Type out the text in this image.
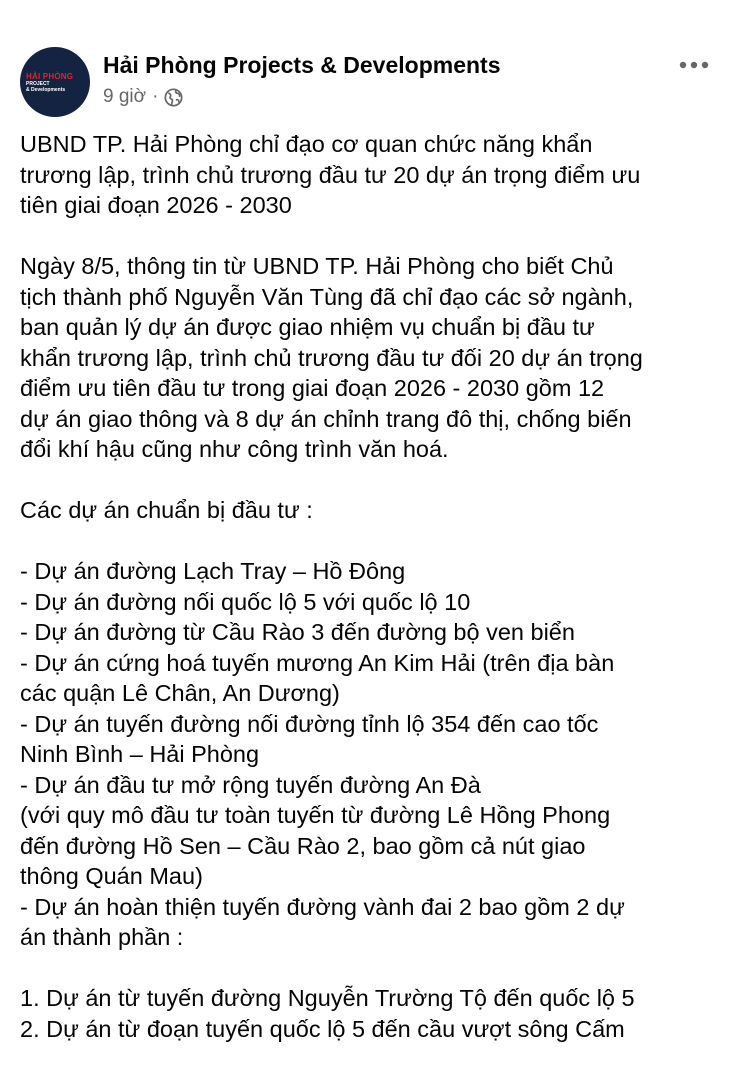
HẢI PHÒNG
PROJECT
& Developments
Hải Phòng Projects & Developments
9 giờ ·
UBND TP. Hải Phòng chỉ đạo cơ quan chức năng khẩn
trương lập, trình chủ trương đầu tư 20 dự án trọng điểm ưu
tiên giai đoạn 2026 - 2030
Ngày 8/5, thông tin từ UBND TP. Hải Phòng cho biết Chủ
tịch thành phố Nguyễn Văn Tùng đã chỉ đạo các sở ngành,
ban quản lý dự án được giao nhiệm vụ chuẩn bị đầu tư
khẩn trương lập, trình chủ trương đầu tư đối 20 dự án trọng
điểm ưu tiên đầu tư trong giai đoạn 2026 - 2030 gồm 12
dự án giao thông và 8 dự án chỉnh trang đô thị, chống biến
đổi khí hậu cũng như công trình văn hoá.
Các dự án chuẩn bị đầu tư :
- Dự án đường Lạch Tray – Hồ Đông
- Dự án đường nối quốc lộ 5 với quốc lộ 10
- Dự án đường từ Cầu Rào 3 đến đường bộ ven biển
- Dự án cứng hoá tuyến mương An Kim Hải (trên địa bàn
các quận Lê Chân, An Dương)
- Dự án tuyến đường nối đường tỉnh lộ 354 đến cao tốc
Ninh Bình – Hải Phòng
- Dự án đầu tư mở rộng tuyến đường An Đà
(với quy mô đầu tư toàn tuyến từ đường Lê Hồng Phong
đến đường Hồ Sen – Cầu Rào 2, bao gồm cả nút giao
thông Quán Mau)
- Dự án hoàn thiện tuyến đường vành đai 2 bao gồm 2 dự
án thành phần :
1. Dự án từ tuyến đường Nguyễn Trường Tộ đến quốc lộ 5
2. Dự án từ đoạn tuyến quốc lộ 5 đến cầu vượt sông Cấm
